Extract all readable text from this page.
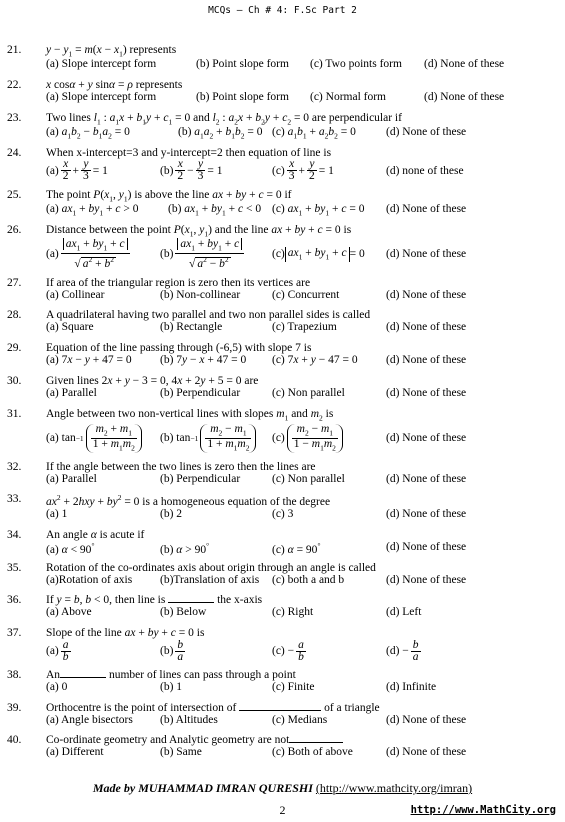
MCQs – Ch # 4: F.Sc Part 2
21. $y - y_1 = m(x - x_1)$ represents
(a) Slope intercept form	(b) Point slope form (c) Two points form (d) None of these
22. x cosα + y sinα = ρ represents
(a) Slope intercept form	(b) Point slope form (c) Normal form	(d) None of these
23. Two lines $l_1$ : $a_1x + b_1y + c_1 = 0$ and $l_2$ : $a_2x + b_2y + c_2 = 0$ are perpendicular if
(a) $a_1b_2 - b_1a_2 = 0$	(b) $a_1a_2 + b_1b_2 = 0$ (c) $a_1b_1 + a_2b_2 = 0$	(d) None of these
24. When x-intercept=3 and y-intercept=2 then equation of line is
(a)
x
2 +
y
3 = 1	(b)
x
2 −
y
3 = 1	(c)
x
3 +
y
2 = 1	(d) none of these
25. The point $P(x_1$, $y_1$) is above the line ax + by + c = 0 if
(a) $ax_1 + by_1 + c > 0$	(b) $ax_1 + by_1 + c < 0$ (c) $ax_1 + by_1 + c = 0$ (d) None of these
26. Distance between the point $P(x_1$, $y_1$) and the line ax + by + c = 0 is
(a)
$ax_1 + by_1 + c$
√ $a^2 + b^2$	(b)
$ax_1 + by_1 + c$
√ $a^2 - b^2$	(c) $ax_1 + by_1 + c = 0$ (d) None of these
27. If area of the triangular region is zero then its vertices are
(a) Collinear	(b) Non-collinear	(c) Concurrent	(d) None of these
28. A quadrilateral having two parallel and two non parallel sides is called
(a) Square	(b) Rectangle	(c) Trapezium	(d) None of these
29. Equation of the line passing through (-6,5) with slope 7 is
(a) 7x − y + 47 = 0 (b) 7y − x + 47 = 0 (c) 7x + y − 47 = 0 (d) None of these
30. Given lines 2x + y − 3 = 0, 4x + 2y + 5 = 0 are
(a) Parallel	(b) Perpendicular	(c) Non parallel	(d) None of these
31. Angle between two non-vertical lines with slopes $m_1$ and $m_2$ is
(a) $\tan -1 \frac{m_2 + m_1}{1 + m_1m_2} (b)$ $\tan -1 \frac{m_2 - m_1}{1 + m_1m_2} (c) \frac{m_2 - m_1}{1 - m_1m_2}$	(d) None of these
32. If the angle between the two lines is zero then the lines are
(a) Parallel	(b) Perpendicular	(c) Non parallel	(d) None of these
33. $ax^2 + 2hxy + by^2 = 0$ is a homogeneous equation of the degree
(a) 1	(b) 2	(c) 3	(d) None of these
34. An angle α is acute if
(a) α < 90°	(b) α > 90°	(c) α = 90°	(d) None of these
35. Rotation of the co-ordinates axis about origin through an angle is called
(a)Rotation of axis (b)Translation of axis (c) both a and b	(d) None of these
36. If y = b, b < 0, then line is	the x-axis
(a) Above	(b) Below	(c) Right	(d) Left
37. Slope of the line ax + by + c = 0 is
(a)
a
b	(b)
b
a	(c) −
a
b	(d) −
b
a
38. An	number of lines can pass through a point
(a) 0	(b) 1	(c) Finite	(d) Infinite
39. Orthocentre is the point of intersection of	of a triangle
(a) Angle bisectors (b) Altitudes	(c) Medians	(d) None of these
40. Co-ordinate geometry and Analytic geometry are not
(a) Different	(b) Same	(c) Both of above	(d) None of these
Made by MUHAMMAD IMRAN QURESHI (http://www.mathcity.org/imran)
2	http://www.MathCity.org
